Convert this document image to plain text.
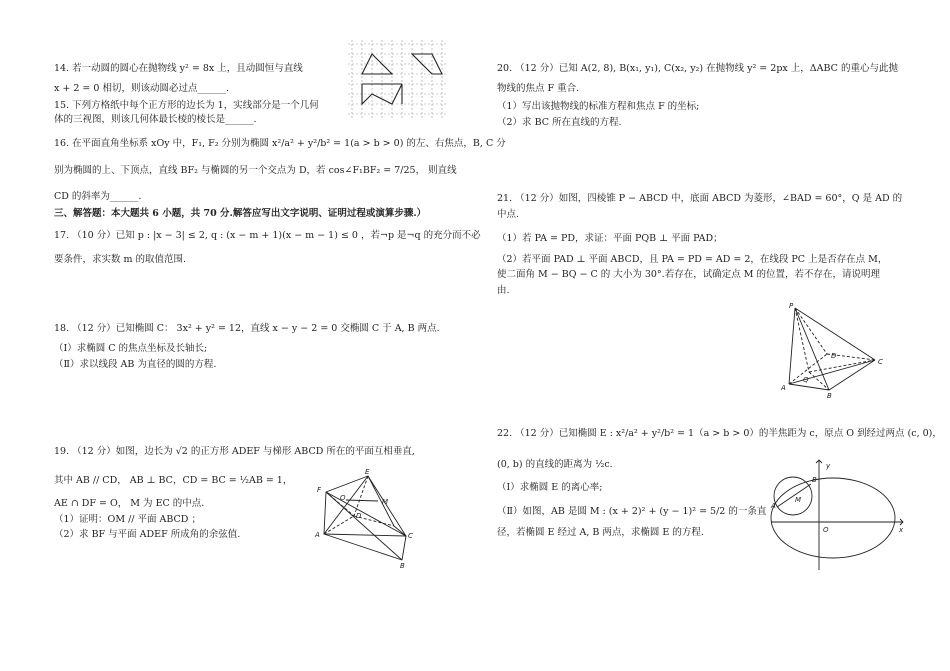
14. 若一动圆的圆心在抛物线 y² = 8x 上，且动圆恒与直线
x + 2 = 0 相切，则该动圆必过点______.
15. 下列方格纸中每个正方形的边长为 1，实线部分是一个几何
体的三视图，则该几何体最长棱的棱长是______.
16. 在平面直角坐标系 xOy 中，F₁, F₂ 分别为椭圆 x²/a² + y²/b² = 1(a > b > 0) 的左、右焦点，B, C 分
别为椭圆的上、下顶点，直线 BF₂ 与椭圆的另一个交点为 D，若 cos∠F₁BF₂ = 7/25， 则直线
CD 的斜率为______.
三、解答题：本大题共 6 小题，共 70 分.解答应写出文字说明、证明过程或演算步骤.）
17. （10 分）已知 p : |x − 3| ≤ 2, q : (x − m + 1)(x − m − 1) ≤ 0 ，若¬p 是¬q 的充分而不必
要条件，求实数 m 的取值范围.
18. （12 分）已知椭圆 C： 3x² + y² = 12，直线 x − y − 2 = 0 交椭圆 C 于 A, B 两点.
（Ⅰ）求椭圆 C 的焦点坐标及长轴长;
（Ⅱ）求以线段 AB 为直径的圆的方程.
19. （12 分）如图，边长为 √2 的正方形 ADEF 与梯形 ABCD 所在的平面互相垂直,
其中 AB // CD， AB ⊥ BC，CD = BC = ½AB = 1，
AE ∩ DF = O， M 为 EC 的中点.
（1）证明：OM // 平面 ABCD ；
（2）求 BF 与平面 ADEF 所成角的余弦值.
E
F
O	M
D
A	C
B
20. （12 分）已知 A(2, 8), B(x₁, y₁), C(x₂, y₂) 在抛物线 y² = 2px 上，ΔABC 的重心与此抛
物线的焦点 F 重合.
（1）写出该抛物线的标准方程和焦点 F 的坐标;
（2）求 BC 所在直线的方程.
21. （12 分）如图，四棱锥 P − ABCD 中，底面 ABCD 为菱形，∠BAD = 60°，Q 是 AD 的
中点.
（1）若 PA = PD，求证：平面 PQB ⊥ 平面 PAD；
（2）若平面 PAD ⊥ 平面 ABCD，且 PA = PD = AD = 2，在线段 PC 上是否存在点 M，
使二面角 M − BQ − C 的 大小为 30°.若存在，试确定点 M 的位置，若不存在，请说明理
由.
P
D
C
Q
A
B
22. （12 分）已知椭圆 E : x²/a² + y²/b² = 1（a > b > 0）的半焦距为 c，原点 O 到经过两点 (c, 0)，
(0, b) 的直线的距离为 ½c.
（Ⅰ）求椭圆 E 的离心率;
（Ⅱ）如图，AB 是圆 M : (x + 2)² + (y − 1)² = 5/2 的一条直
径，若椭圆 E 经过 A, B 两点，求椭圆 E 的方程.
y
B
A
M
O	x
